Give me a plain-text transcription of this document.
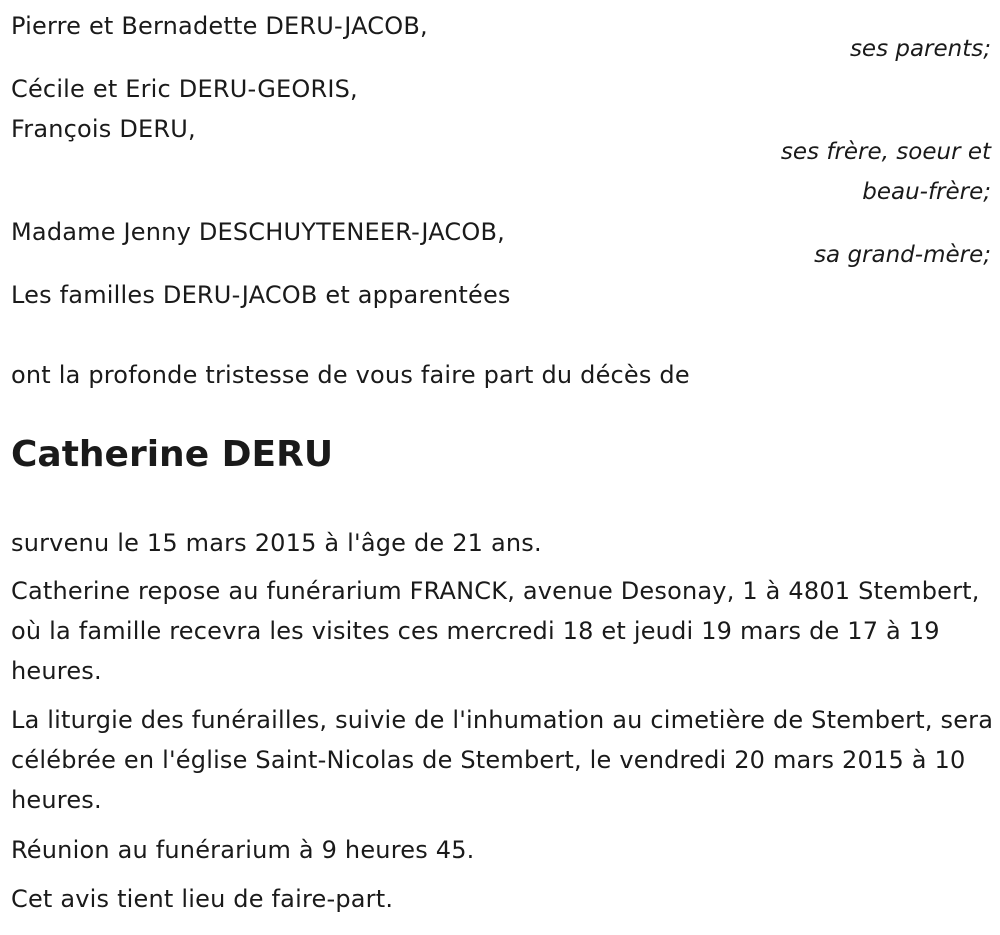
Pierre et Bernadette DERU-JACOB,
ses parents;
Cécile et Eric DERU-GEORIS,
François DERU,
ses frère, soeur et
beau-frère;
Madame Jenny DESCHUYTENEER-JACOB,
sa grand-mère;
Les familles DERU-JACOB et apparentées
ont la profonde tristesse de vous faire part du décès de
Catherine DERU
survenu le 15 mars 2015 à l'âge de 21 ans.
Catherine repose au funérarium FRANCK, avenue Desonay, 1 à 4801 Stembert, où la famille recevra les visites ces mercredi 18 et jeudi 19 mars de 17 à 19 heures.
La liturgie des funérailles, suivie de l'inhumation au cimetière de Stembert, sera célébrée en l'église Saint-Nicolas de Stembert, le vendredi 20 mars 2015 à 10 heures.
Réunion au funérarium à 9 heures 45.
Cet avis tient lieu de faire-part.
